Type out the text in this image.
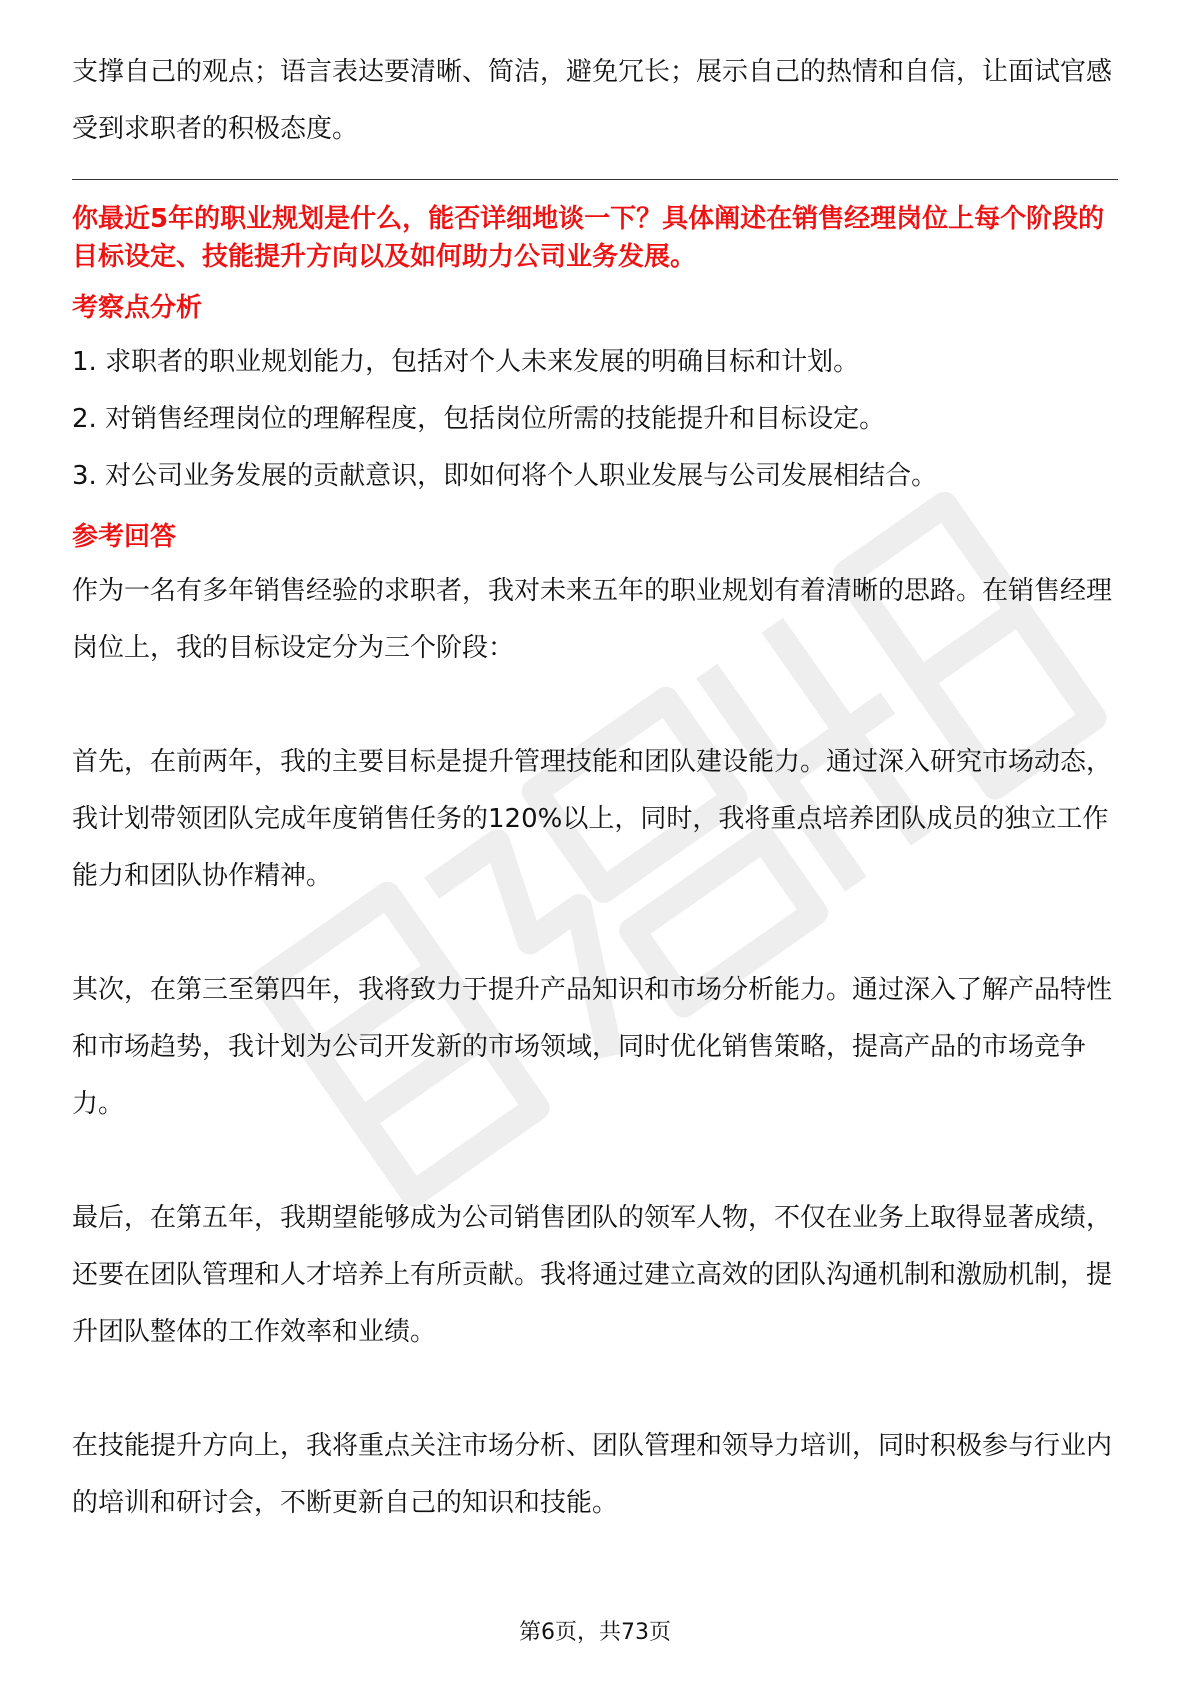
支撑自己的观点；语言表达要清晰、简洁，避免冗长；展示自己的热情和自信，让面试官感受到求职者的积极态度。

你最近5年的职业规划是什么，能否详细地谈一下？具体阐述在销售经理岗位上每个阶段的目标设定、技能提升方向以及如何助力公司业务发展。

考察点分析

1. 求职者的职业规划能力，包括对个人未来发展的明确目标和计划。

2. 对销售经理岗位的理解程度，包括岗位所需的技能提升和目标设定。

3. 对公司业务发展的贡献意识，即如何将个人职业发展与公司发展相结合。

参考回答

作为一名有多年销售经验的求职者，我对未来五年的职业规划有着清晰的思路。在销售经理岗位上，我的目标设定分为三个阶段：

首先，在前两年，我的主要目标是提升管理技能和团队建设能力。通过深入研究市场动态，我计划带领团队完成年度销售任务的120%以上，同时，我将重点培养团队成员的独立工作能力和团队协作精神。

其次，在第三至第四年，我将致力于提升产品知识和市场分析能力。通过深入了解产品特性和市场趋势，我计划为公司开发新的市场领域，同时优化销售策略，提高产品的市场竞争力。

最后，在第五年，我期望能够成为公司销售团队的领军人物，不仅在业务上取得显著成绩，还要在团队管理和人才培养上有所贡献。我将通过建立高效的团队沟通机制和激励机制，提升团队整体的工作效率和业绩。

在技能提升方向上，我将重点关注市场分析、团队管理和领导力培训，同时积极参与行业内的培训和研讨会，不断更新自己的知识和技能。

第6页，共73页
